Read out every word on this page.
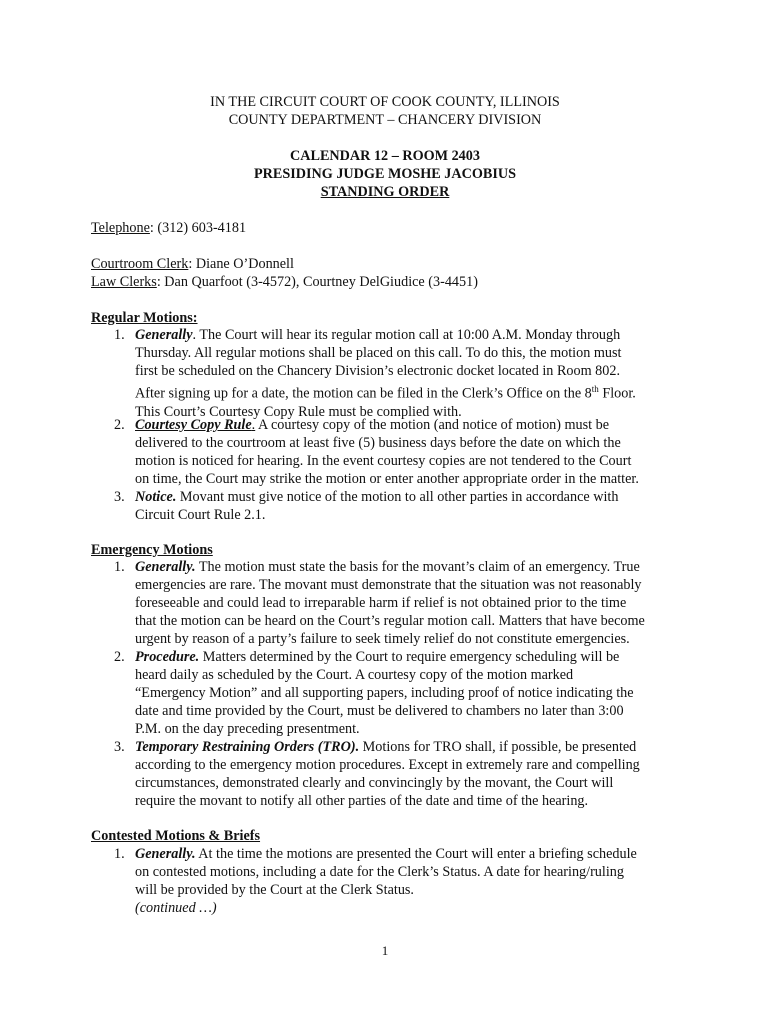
IN THE CIRCUIT COURT OF COOK COUNTY, ILLINOIS
COUNTY DEPARTMENT – CHANCERY DIVISION
CALENDAR 12 – ROOM 2403
PRESIDING JUDGE MOSHE JACOBIUS
STANDING ORDER
Telephone: (312) 603-4181
Courtroom Clerk: Diane O’Donnell
Law Clerks: Dan Quarfoot (3-4572), Courtney DelGiudice (3-4451)
Regular Motions:
1. Generally. The Court will hear its regular motion call at 10:00 A.M. Monday through
Thursday. All regular motions shall be placed on this call. To do this, the motion must
first be scheduled on the Chancery Division’s electronic docket located in Room 802.
After signing up for a date, the motion can be filed in the Clerk’s Office on the 8th Floor.
This Court’s Courtesy Copy Rule must be complied with.
2. Courtesy Copy Rule. A courtesy copy of the motion (and notice of motion) must be
delivered to the courtroom at least five (5) business days before the date on which the
motion is noticed for hearing. In the event courtesy copies are not tendered to the Court
on time, the Court may strike the motion or enter another appropriate order in the matter.
3. Notice. Movant must give notice of the motion to all other parties in accordance with
Circuit Court Rule 2.1.
Emergency Motions
1. Generally. The motion must state the basis for the movant’s claim of an emergency. True
emergencies are rare. The movant must demonstrate that the situation was not reasonably
foreseeable and could lead to irreparable harm if relief is not obtained prior to the time
that the motion can be heard on the Court’s regular motion call. Matters that have become
urgent by reason of a party’s failure to seek timely relief do not constitute emergencies.
2. Procedure. Matters determined by the Court to require emergency scheduling will be
heard daily as scheduled by the Court. A courtesy copy of the motion marked
“Emergency Motion” and all supporting papers, including proof of notice indicating the
date and time provided by the Court, must be delivered to chambers no later than 3:00
P.M. on the day preceding presentment.
3. Temporary Restraining Orders (TRO). Motions for TRO shall, if possible, be presented
according to the emergency motion procedures. Except in extremely rare and compelling
circumstances, demonstrated clearly and convincingly by the movant, the Court will
require the movant to notify all other parties of the date and time of the hearing.
Contested Motions & Briefs
1. Generally. At the time the motions are presented the Court will enter a briefing schedule
on contested motions, including a date for the Clerk’s Status. A date for hearing/ruling
will be provided by the Court at the Clerk Status.
(continued …)
1
